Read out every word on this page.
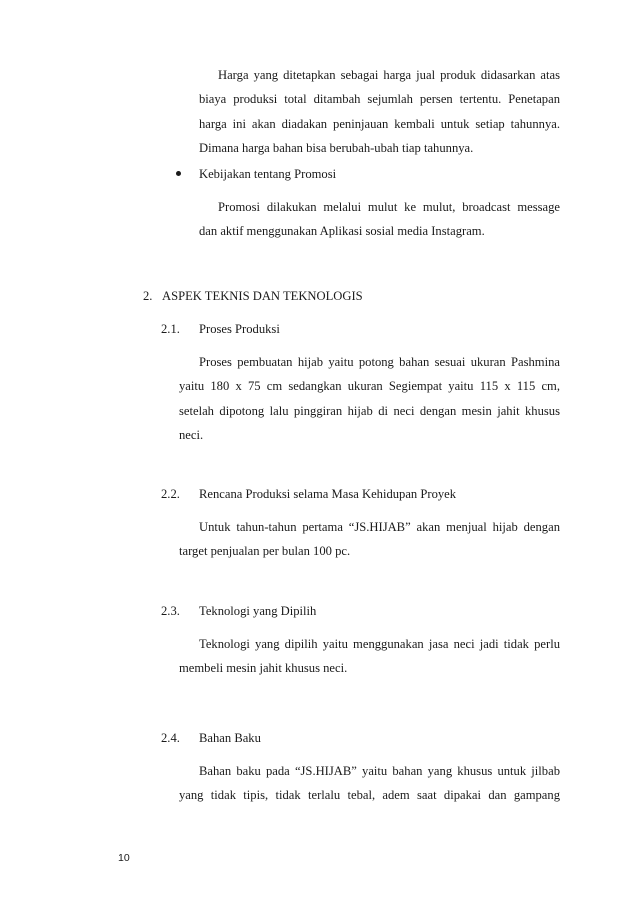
Harga yang ditetapkan sebagai harga jual produk didasarkan atas
biaya produksi total ditambah sejumlah persen tertentu. Penetapan
harga ini akan diadakan peninjauan kembali untuk setiap tahunnya.
Dimana harga bahan bisa berubah-ubah tiap tahunnya.
Kebijakan tentang Promosi
Promosi dilakukan melalui mulut ke mulut, broadcast message
dan aktif menggunakan Aplikasi sosial media Instagram.
2. ASPEK TEKNIS DAN TEKNOLOGIS
2.1. Proses Produksi
Proses pembuatan hijab yaitu potong bahan sesuai ukuran Pashmina
yaitu 180 x 75 cm sedangkan ukuran Segiempat yaitu 115 x 115 cm,
setelah dipotong lalu pinggiran hijab di neci dengan mesin jahit khusus
neci.
2.2. Rencana Produksi selama Masa Kehidupan Proyek
Untuk tahun-tahun pertama “JS.HIJAB” akan menjual hijab dengan
target penjualan per bulan 100 pc.
2.3. Teknologi yang Dipilih
Teknologi yang dipilih yaitu menggunakan jasa neci jadi tidak perlu
membeli mesin jahit khusus neci.
2.4. Bahan Baku
Bahan baku pada “JS.HIJAB” yaitu bahan yang khusus untuk jilbab
yang tidak tipis, tidak terlalu tebal, adem saat dipakai dan gampang
10
